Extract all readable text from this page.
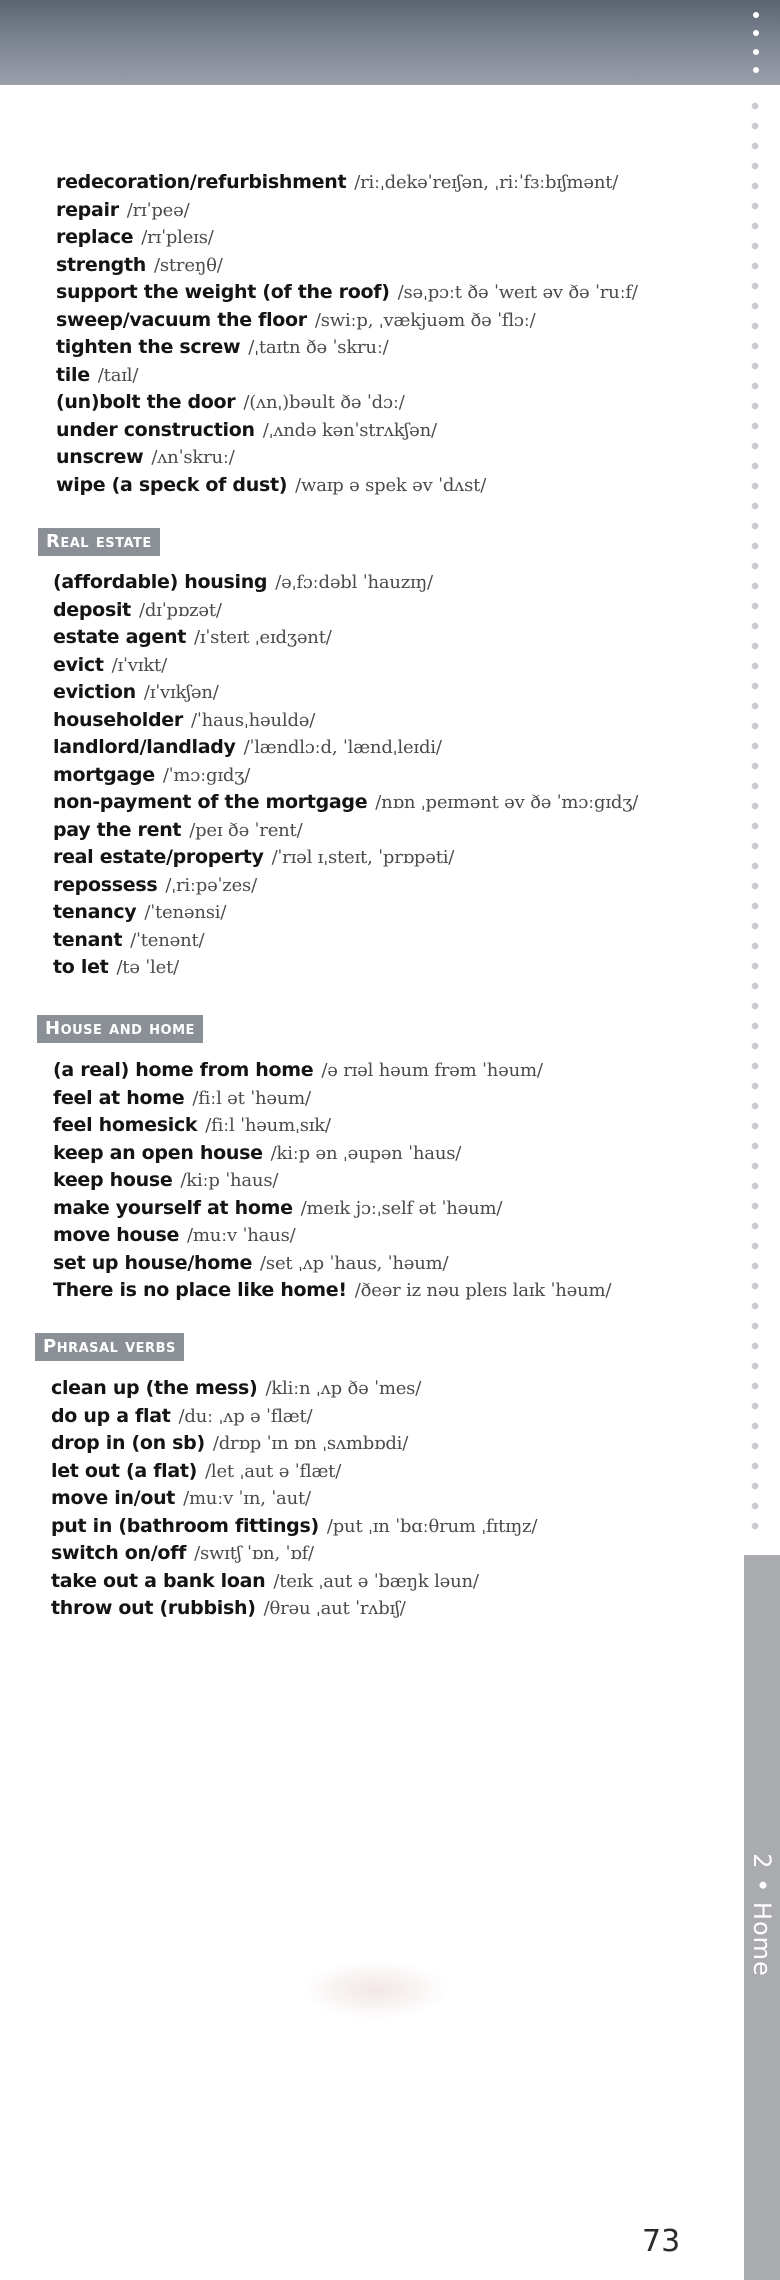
redecoration/refurbishment /riːˌdekəˈreɪʃən, ˌriːˈfɜːbɪʃmənt/
repair /rɪˈpeə/
replace /rɪˈpleɪs/
strength /streŋθ/
support the weight (of the roof) /səˌpɔːt ðə ˈweɪt əv ðə ˈruːf/
sweep/vacuum the floor /swiːp, ˌvækjuəm ðə ˈflɔː/
tighten the screw /ˌtaɪtn ðə ˈskruː/
tile /taɪl/
(un)bolt the door /(ʌnˌ)bəult ðə ˈdɔː/
under construction /ˌʌndə kənˈstrʌkʃən/
unscrew /ʌnˈskruː/
wipe (a speck of dust) /waɪp ə spek əv ˈdʌst/
Real estate
(affordable) housing /əˌfɔːdəbl ˈhauzɪŋ/
deposit /dɪˈpɒzət/
estate agent /ɪˈsteɪt ˌeɪdʒənt/
evict /ɪˈvɪkt/
eviction /ɪˈvɪkʃən/
householder /ˈhausˌhəuldə/
landlord/landlady /ˈlændlɔːd, ˈlændˌleɪdi/
mortgage /ˈmɔːgɪdʒ/
non-payment of the mortgage /nɒn ˌpeɪmənt əv ðə ˈmɔːgɪdʒ/
pay the rent /peɪ ðə ˈrent/
real estate/property /ˈrɪəl ɪˌsteɪt, ˈprɒpəti/
repossess /ˌriːpəˈzes/
tenancy /ˈtenənsi/
tenant /ˈtenənt/
to let /tə ˈlet/
House and home
(a real) home from home /ə rɪəl həum frəm ˈhəum/
feel at home /fiːl ət ˈhəum/
feel homesick /fiːl ˈhəumˌsɪk/
keep an open house /kiːp ən ˌəupən ˈhaus/
keep house /kiːp ˈhaus/
make yourself at home /meɪk jɔːˌself ət ˈhəum/
move house /muːv ˈhaus/
set up house/home /set ˌʌp ˈhaus, ˈhəum/
There is no place like home! /ðeər iz nəu pleɪs laɪk ˈhəum/
Phrasal verbs
clean up (the mess) /kliːn ˌʌp ðə ˈmes/
do up a flat /duː ˌʌp ə ˈflæt/
drop in (on sb) /drɒp ˈɪn ɒn ˌsʌmbɒdi/
let out (a flat) /let ˌaut ə ˈflæt/
move in/out /muːv ˈɪn, ˈaut/
put in (bathroom fittings) /put ˌɪn ˈbɑːθrum ˌfɪtɪŋz/
switch on/off /swɪtʃ ˈɒn, ˈɒf/
take out a bank loan /teɪk ˌaut ə ˈbæŋk ləun/
throw out (rubbish) /θrəu ˌaut ˈrʌbɪʃ/
2 • Home
73
